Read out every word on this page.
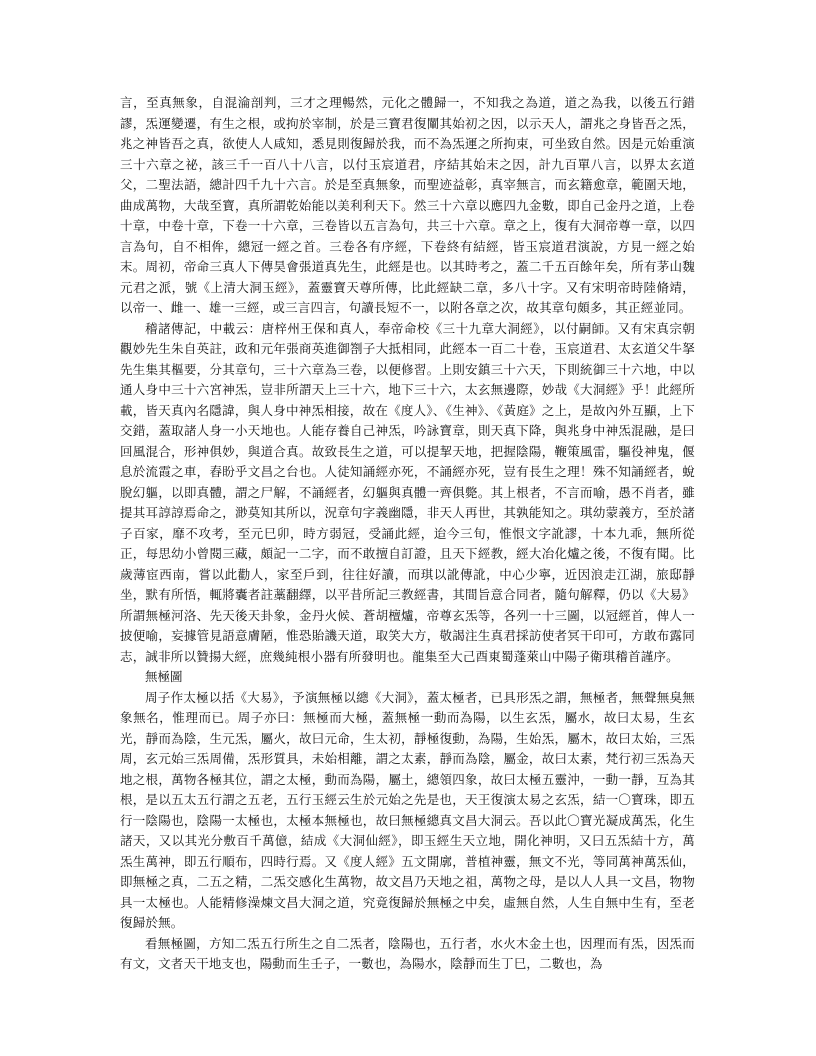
言，至真無象，自混淪剖判，三才之理暢然，元化之體歸一，不知我之為道，道之為我，以後五行錯謬，炁運變遷，有生之根，或拘於宰制，於是三寶君復闡其始初之因，以示天人，謂兆之身皆吾之炁，兆之神皆吾之真，欲使人人咸知，悉見則復歸於我，而不為炁運之所拘束，可坐致自然。因是元始重演三十六章之祕，該三千一百八十八言，以付玉宸道君，序結其始末之因，計九百單八言，以界太玄道父，二聖法語，總計四千九十六言。於是至真無象，而聖迹益彰，真宰無言，而玄籍愈章，範圍天地，曲成萬物，大哉至寶，真所謂乾始能以美利利天下。然三十六章以應四九金數，即自己金丹之道，上卷十章，中卷十章，下卷一十六章，三卷皆以五言為句，共三十六章。章之上，復有大洞帝尊一章，以四言為句，自不相侔，總冠一經之首。三卷各有序經，下卷終有結經，皆玉宸道君演說，方見一經之始末。周初，帝命三真人下傳昊會張道真先生，此經是也。以其時考之，蓋二千五百餘年矣，所有茅山魏元君之派，號《上清大洞玉經》，蓋靈寶天尊所傳，比此經缺二章，多八十字。又有宋明帝時陸脩靖，以帝一、雌一、雄一三經，或三言四言，句讀長短不一，以附各章之次，故其章句頗多，其正經並同。

稽諸傳記，中載云：唐梓州王保和真人，奉帝命校《三十九章大洞經》，以付嗣師。又有宋真宗朝觀妙先生朱自英註，政和元年張商英進御劄子大抵相同，此經本一百二十卷，玉宸道君、太玄道父牛拏先生集其樞要，分其章句，三十六章為三卷，以便修習。上則安鎮三十六天，下則統御三十六地，中以通人身中三十六宮神炁，豈非所謂天上三十六，地下三十六，太玄無邊際，妙哉《大洞經》乎！此經所載，皆天真內名隱諱，與人身中神炁相接，故在《度人》、《生神》、《黃庭》之上，是故內外互顯，上下交錯，蓋取諸人身一小天地也。人能存養自己神炁，吟詠寶章，則天真下降，與兆身中神炁混融，是曰回風混合，形神俱妙，與道合真。故致長生之道，可以提挈天地，把握陰陽，鞭策風雷，驅役神鬼，偃息於流霞之車，舂盼乎文昌之台也。人徒知誦經亦死，不誦經亦死，豈有長生之理！殊不知誦經者，蛻脫幻軀，以即真體，謂之尸解，不誦經者，幻軀與真體一齊俱斃。其上根者，不言而喻，愚不肖者，雖提其耳諄諄焉命之，渺莫知其所以，況章句字義幽隱，非天人再世，其孰能知之。琪幼蒙義方，至於諸子百家，靡不攻考，至元巳卯，時方弱冠，受誦此經，迨今三旬，惟恨文字訛謬，十本九乖，無所從正，每思幼小曾閱三藏，頗記一二字，而不敢擅自訂證，且天下經教，經大冶化爐之後，不復有聞。比歲薄宦西南，嘗以此勸人，家至戶到，往往好讀，而琪以訛傳訛，中心少寧，近因浪走江湖，旅邸靜坐，默有所悟，輒將囊者註藁翻繹，以平昔所記三教經書，其間旨意合同者，隨句解釋，仍以《大易》所謂無極河洛、先天後天卦象，金丹火候、蒼胡檀爐，帝尊玄炁等，各列一十三圖，以冠經首，俾人一披便喻，妄據管見語意膚陋，惟恐貽譏天道，取笑大方，敬謁注生真君採訪使者冥干印可，方敢布露同志，誠非所以贊揚大經，庶幾純根小器有所發明也。龍集至大己酉東蜀蓬萊山中陽子衛琪稽首謹序。

無極圖

周子作太極以括《大易》，予演無極以總《大洞》，蓋太極者，已具形炁之謂，無極者，無聲無臭無象無名，惟理而已。周子亦曰：無極而大極，蓋無極一動而為陽，以生玄炁，屬水，故曰太易，生玄光，靜而為陰，生元炁，屬火，故曰元命，生太初，靜極復動，為陽，生始炁，屬木，故曰太始，三炁周，玄元始三炁周備，炁形質具，未始相離，謂之太素，靜而為陰，屬金，故曰太素，梵行初三炁為天地之根，萬物各極其位，謂之太極，動而為陽，屬土，總領四象，故曰太極五靈沖，一動一靜，互為其根，是以五太五行謂之五老，五行玉經云生於元始之先是也，天王復演太易之玄炁，結一〇寶珠，即五行一陰陽也，陰陽一太極也，太極本無極也，故曰無極總真文昌大洞云。吾以此〇寶光凝成萬炁，化生諸天，又以其光分敷百千萬億，結成《大洞仙經》，即玉經生天立地，開化神明，又曰五炁結十方，萬炁生萬神，即五行順布，四時行焉。又《度人經》五文開廓，普植神靈，無文不光，等同萬神萬炁仙，即無極之真，二五之精，二炁交感化生萬物，故文昌乃天地之祖，萬物之母，是以人人具一文昌，物物具一太極也。人能精修澡煉文昌大洞之道，究竟復歸於無極之中矣，虛無自然，人生自無中生有，至老復歸於無。

看無極圖，方知二炁五行所生之自二炁者，陰陽也，五行者，水火木金土也，因理而有炁，因炁而有文，文者天干地支也，陽動而生壬子，一數也，為陽水，陰靜而生丁巳，二數也，為
